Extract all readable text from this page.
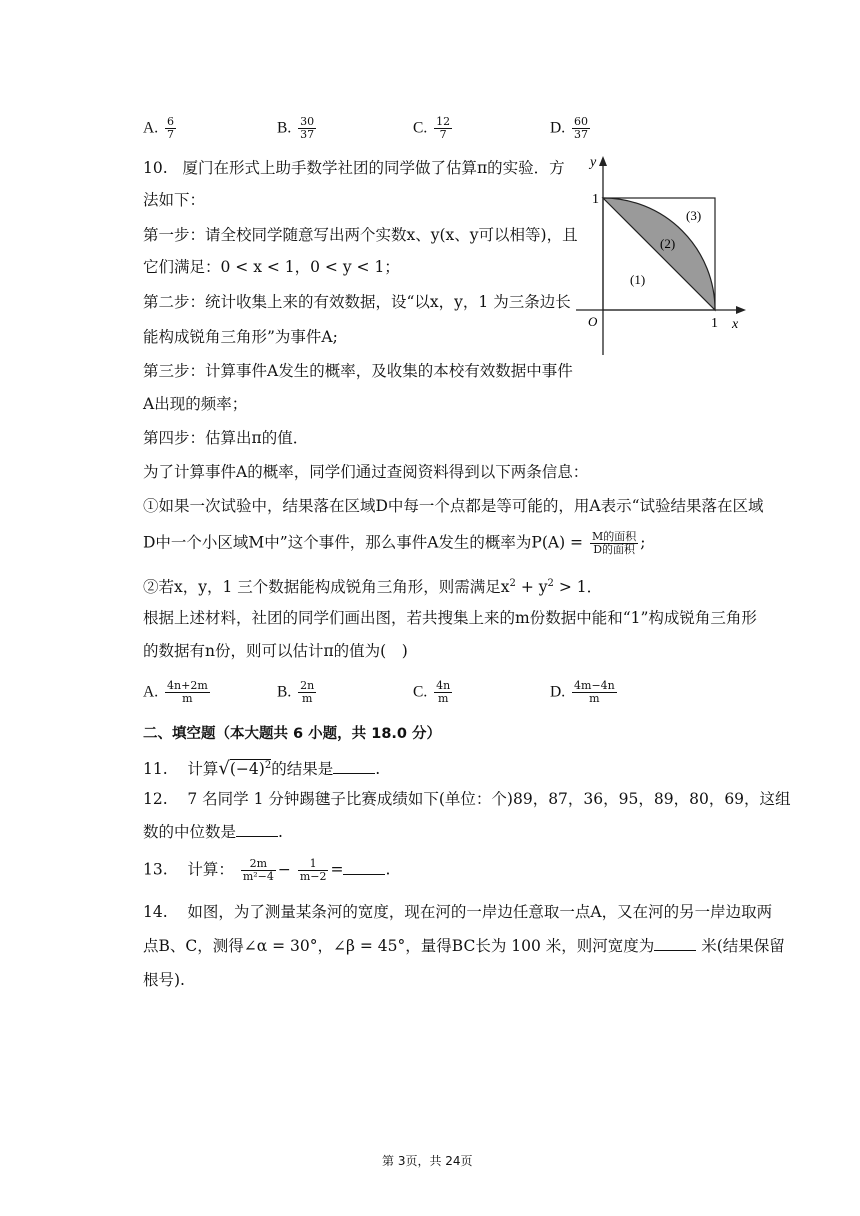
A. $\frac{6}{7}$	B. $\frac{30}{37}$	C. $\frac{12}{7}$	D. $\frac{60}{37}$
10. 厦门在形式上助手数学社团的同学做了估算π的实验．方
法如下：
第一步：请全校同学随意写出两个实数x、y(x、y可以相等)，且
它们满足：0 < x < 1，0 < y < 1；
第二步：统计收集上来的有效数据，设“以x，y，1 为三条边长
能构成锐角三角形”为事件A;
第三步：计算事件A发生的概率，及收集的本校有效数据中事件
A出现的频率；
第四步：估算出π的值．
为了计算事件A的概率，同学们通过查阅资料得到以下两条信息：
①如果一次试验中，结果落在区域D中每一个点都是等可能的，用A表示“试验结果落在区域
D中一个小区域M中”这个事件，那么事件A发生的概率为$P(A) = \frac{\text{M的面积}}{\text{D的面积}}$ ;
②若x，y，1 三个数据能构成锐角三角形，则需满足$x^2 + y^2 > 1$．
根据上述材料，社团的同学们画出图，若共搜集上来的m份数据中能和“1”构成锐角三角形
的数据有n份，则可以估计π的值为(　)
A. $\frac{4n+2m}{m}$	B. $\frac{2n}{m}$	C. $\frac{4n}{m}$	D. $\frac{4m-4n}{m}$
y
x
O	1
1
(1)
(2)
(3)
二、填空题（本大题共 6 小题，共 18.0 分）
11. 计算$√(-4)^2$的结果是	.
12. 7 名同学 1 分钟踢毽子比赛成绩如下(单位：个)89，87，36，95，89，80，69，这组
数的中位数是	.
13. 计算： $\frac{2m}{\text{m²−4}} - \frac{1}{m-2}$ =	.
14. 如图，为了测量某条河的宽度，现在河的一岸边任意取一点A，又在河的另一岸边取两
点B、C，测得∠α = 30°，∠β = 45°，量得BC长为 100 米，则河宽度为	米(结果保留
根号).
第 3页，共 24页
